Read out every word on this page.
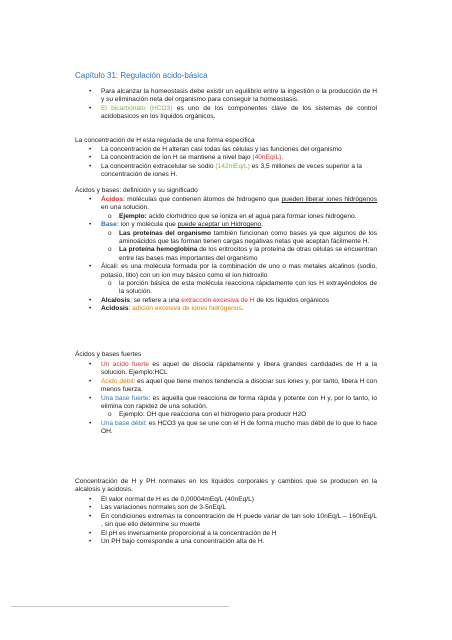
Capítulo 31: Regulación acido-básica
• Para alcanzar la homeostasis debe existir un equilibrio entre la ingestión o la producción de H y su eliminación neta del organismo para conseguir la homeostasis.
• El bicarbonato (HCO3) es uno de los componentes clave de los sistemas de control acidobasicos en los líquidos orgánicos.
La concentración de H esta regulada de una forma especifica
• La concentración de H alteran casi todas las células y las funciones del organismo
• La concentración de ion H se mantiene a nivel bajo (40nEq/L).
• La concentración extracelular se sodio (142mEq/L) es 3,5 millones de veces superior a la concentración de iones H.
Ácidos y bases: definición y su significado
• Ácidos: moléculas que contienen átomos de hidrogeno que pueden liberar iones hidrógenos en una solución.
o Ejemplo: acido clorhídrico que se ioniza en el agua para formar iones hidrogeno.
• Base: ion y molécula que puede aceptar un Hidrogeno.
o Las proteínas del organismo también funcionan como bases ya que algunos de los aminoácidos que las forman tienen cargas negativas netas que aceptan fácilmente H.
o La proteína hemoglobina de los eritrocitos y la proteína de otras células se encuentran entre las bases mas importantes del organismo
• Álcali: es una molécula formada por la combinación de uno o mas metales alcalinos (sodio, potasio, litio) con un ion muy básico como el ion hidroxilo
o la porción básica de esta molécula reacciona rápidamente con los H extrayéndolos de la solución.
• Alcalosis: se refiere a una extracción excesiva de H de los líquidos orgánicos
• Acidosis: adición excesiva de iones hidrógenos.
Ácidos y bases fuertes
• Un acido fuerte es aquel de disocia rápidamente y libera grandes cantidades de H a la solución. Ejemplo:HCL
• Acido débil: es aquel que tiene menos tendencia a disociar sus iones y, por tanto, libera H con menos fuerza.
• Una base fuerte: es aquella que reacciona de forma rápida y potente con H y, por lo tanto, lo elimina con rapidez de una solución.
o Ejemplo: OH que reacciona con el hidrogeno para producir H2O
• Una base débil: es HCO3 ya que se une con el H de forma mucho mas débil de lo que lo hace OH.
Concentración de H y PH normales en los líquidos corporales y cambios que se producen en la alcalosis y acidosis.
• El valor normal de H es de 0,00004mEq/L (40nEq/L)
• Las variaciones normales son de 3-5nEq/L
• En condiciones extremas la concentración de H puede variar de tan solo 10nEq/L – 160nEq/L , sin que ello determine su muerte
• El pH es inversamente proporcional a la concentración de H
• Un PH bajo corresponde a una concentración alta de H.
